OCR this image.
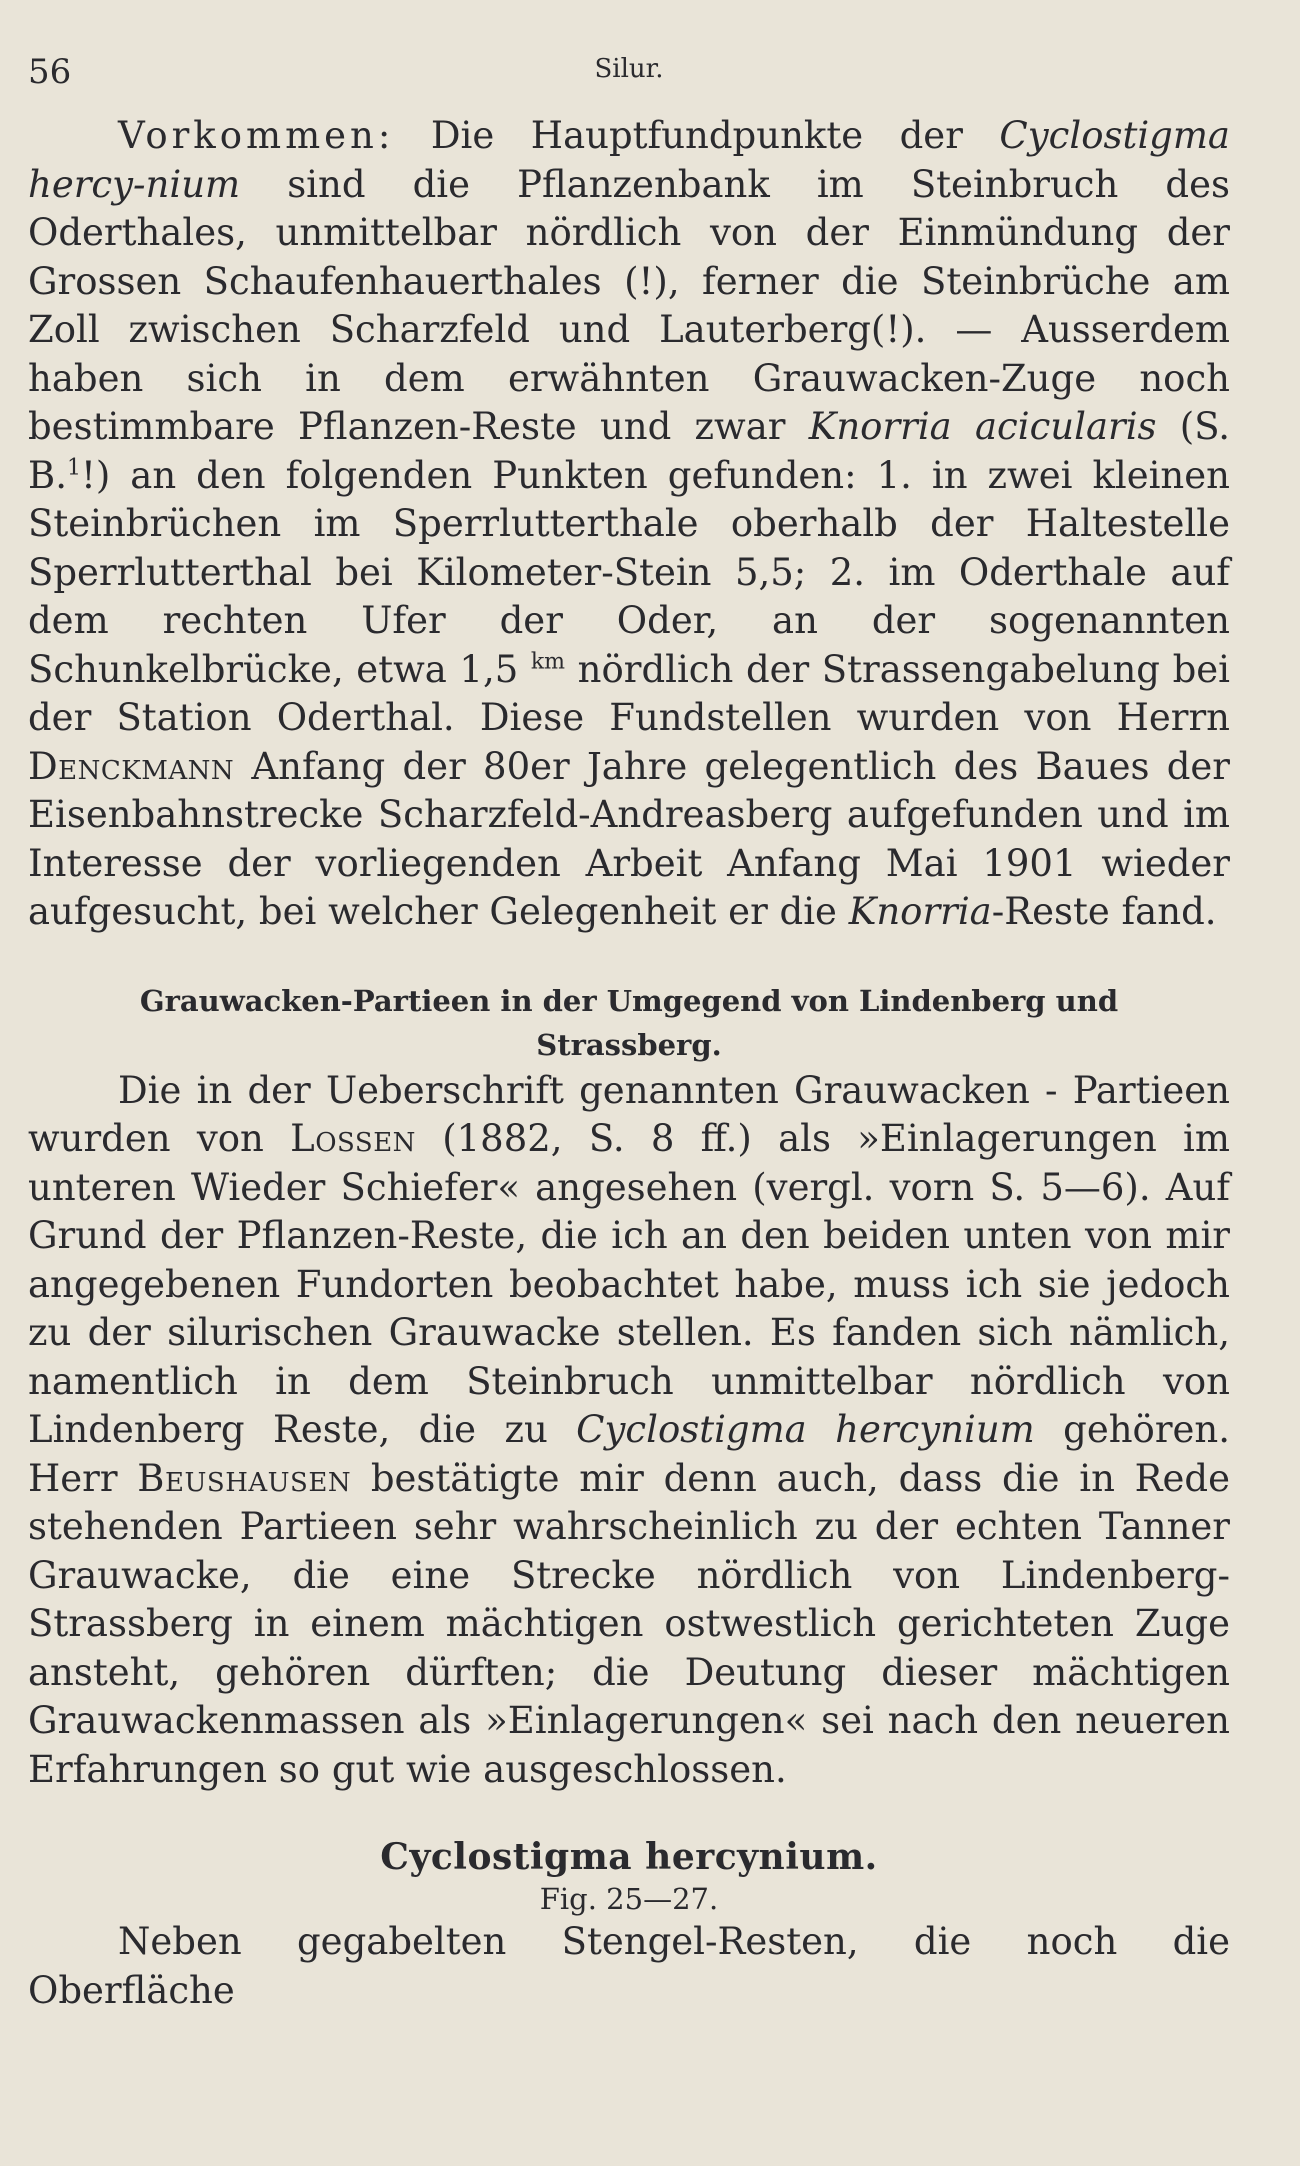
56	Silur.

Vorkommen: Die Hauptfundpunkte der Cyclostigma hercy-nium sind die Pflanzenbank im Steinbruch des Oderthales, unmittelbar nördlich von der Einmündung der Grossen Schaufenhauerthales (!), ferner die Steinbrüche am Zoll zwischen Scharzfeld und Lauterberg(!). — Ausserdem haben sich in dem erwähnten Grauwacken-Zuge noch bestimmbare Pflanzen-Reste und zwar Knorria acicularis (S. B.$^1$!) an den folgenden Punkten gefunden: 1. in zwei kleinen Steinbrüchen im Sperrlutterthale oberhalb der Haltestelle Sperrlutterthal bei Kilometer-Stein 5,5; 2. im Oderthale auf dem rechten Ufer der Oder, an der sogenannten Schunkelbrücke, etwa 1,5 $^{km}$ nördlich der Strassengabelung bei der Station Oderthal. Diese Fundstellen wurden von Herrn Denckmann Anfang der 80er Jahre gelegentlich des Baues der Eisenbahnstrecke Scharzfeld-Andreasberg aufgefunden und im Interesse der vorliegenden Arbeit Anfang Mai 1901 wieder aufgesucht, bei welcher Gelegenheit er die Knorria-Reste fand.

Grauwacken-Partieen in der Umgegend von Lindenberg und Strassberg.

Die in der Ueberschrift genannten Grauwacken - Partieen wurden von Lossen (1882, S. 8 ff.) als »Einlagerungen im unteren Wieder Schiefer« angesehen (vergl. vorn S. 5—6). Auf Grund der Pflanzen-Reste, die ich an den beiden unten von mir angegebenen Fundorten beobachtet habe, muss ich sie jedoch zu der silurischen Grauwacke stellen. Es fanden sich nämlich, namentlich in dem Steinbruch unmittelbar nördlich von Lindenberg Reste, die zu Cyclostigma hercynium gehören. Herr Beushausen bestätigte mir denn auch, dass die in Rede stehenden Partieen sehr wahrscheinlich zu der echten Tanner Grauwacke, die eine Strecke nördlich von Lindenberg-Strassberg in einem mächtigen ostwestlich gerichteten Zuge ansteht, gehören dürften; die Deutung dieser mächtigen Grauwackenmassen als »Einlagerungen« sei nach den neueren Erfahrungen so gut wie ausgeschlossen.

Cyclostigma hercynium.
Fig. 25—27.

Neben gegabelten Stengel-Resten, die noch die Oberfläche
